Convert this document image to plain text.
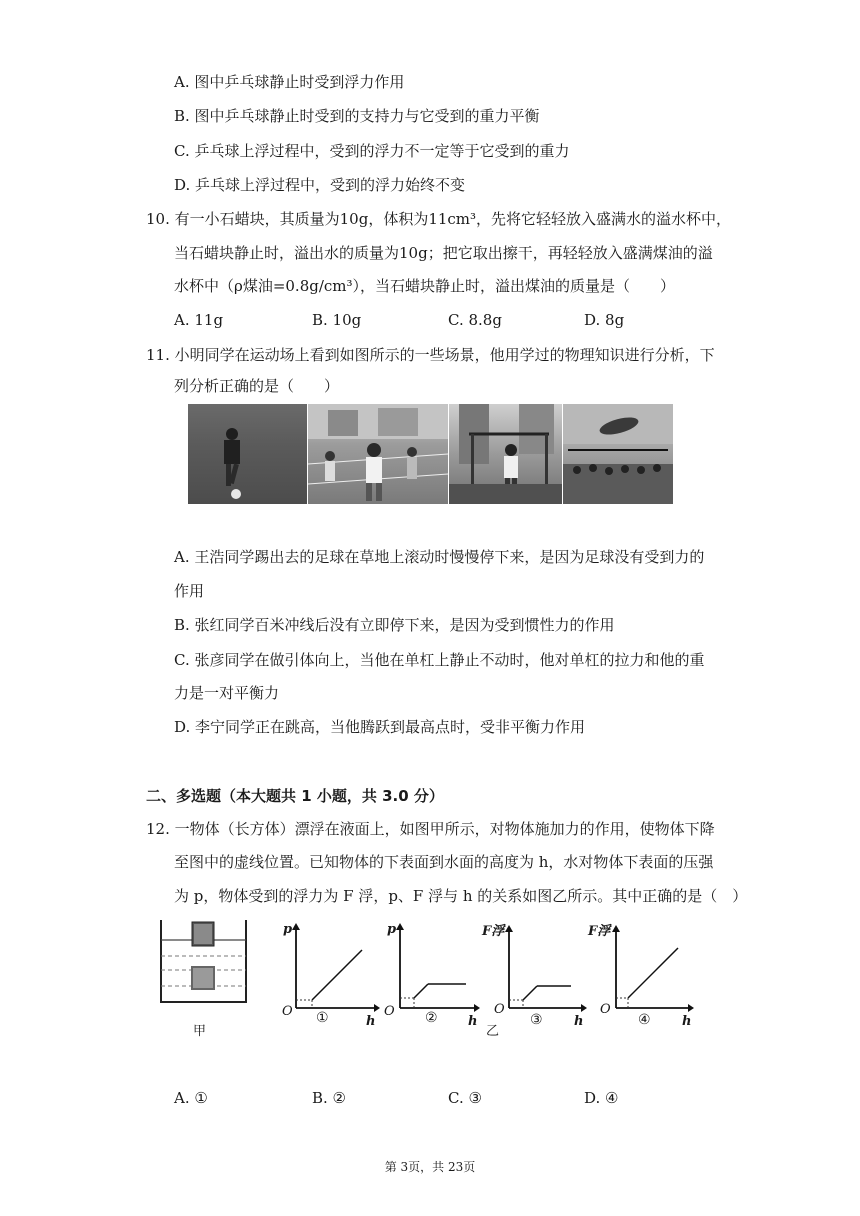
A. 图中乒乓球静止时受到浮力作用
B. 图中乒乓球静止时受到的支持力与它受到的重力平衡
C. 乒乓球上浮过程中，受到的浮力不一定等于它受到的重力
D. 乒乓球上浮过程中，受到的浮力始终不变
10. 有一小石蜡块，其质量为10g，体积为11cm³，先将它轻轻放入盛满水的溢水杯中，
当石蜡块静止时，溢出水的质量为10g；把它取出擦干，再轻轻放入盛满煤油的溢
水杯中（ρ煤油=0.8g/cm³），当石蜡块静止时，溢出煤油的质量是（　　）
A. 11g	B. 10g	C. 8.8g	D. 8g
11. 小明同学在运动场上看到如图所示的一些场景，他用学过的物理知识进行分析，下
列分析正确的是（　　）
A. 王浩同学踢出去的足球在草地上滚动时慢慢停下来，是因为足球没有受到力的
作用
B. 张红同学百米冲线后没有立即停下来，是因为受到惯性力的作用
C. 张彦同学在做引体向上，当他在单杠上静止不动时，他对单杠的拉力和他的重
力是一对平衡力
D. 李宁同学正在跳高，当他腾跃到最高点时，受非平衡力作用
二、多选题（本大题共 1 小题，共 3.0 分）
12. 一物体（长方体）漂浮在液面上，如图甲所示，对物体施加力的作用，使物体下降
至图中的虚线位置。已知物体的下表面到水面的高度为 h，水对物体下表面的压强
为 p，物体受到的浮力为 F 浮，p、F 浮与 h 的关系如图乙所示。其中正确的是（　）
甲	乙
p
O ①	h
p
O ② h
F浮
O
③ h
F浮
O
④ h
A. ①	B. ②	C. ③	D. ④
第 3页，共 23页
